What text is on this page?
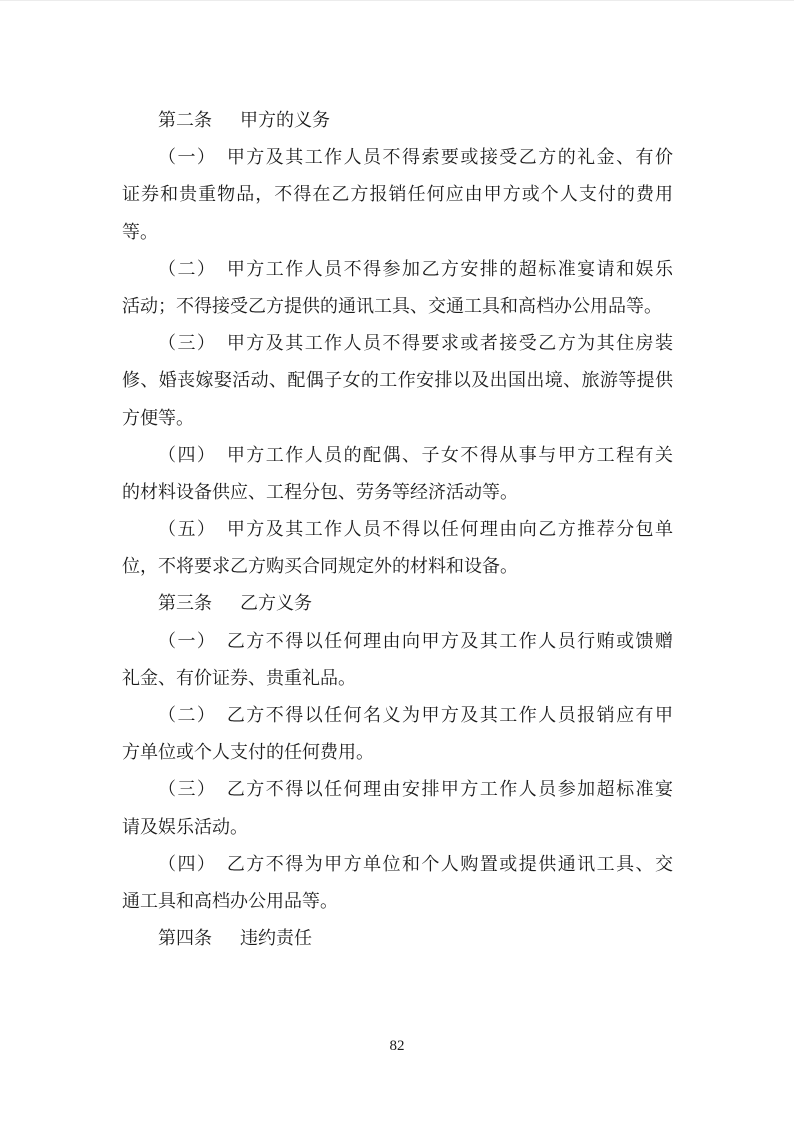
第二条 甲方的义务
（一）　甲方及其工作人员不得索要或接受乙方的礼金、有价
证券和贵重物品，不得在乙方报销任何应由甲方或个人支付的费用
等。
（二）　甲方工作人员不得参加乙方安排的超标准宴请和娱乐
活动；不得接受乙方提供的通讯工具、交通工具和高档办公用品等。
（三）　甲方及其工作人员不得要求或者接受乙方为其住房装
修、婚丧嫁娶活动、配偶子女的工作安排以及出国出境、旅游等提供
方便等。
（四）　甲方工作人员的配偶、子女不得从事与甲方工程有关
的材料设备供应、工程分包、劳务等经济活动等。
（五）　甲方及其工作人员不得以任何理由向乙方推荐分包单
位，不将要求乙方购买合同规定外的材料和设备。
第三条 乙方义务
（一）　乙方不得以任何理由向甲方及其工作人员行贿或馈赠
礼金、有价证券、贵重礼品。
（二）　乙方不得以任何名义为甲方及其工作人员报销应有甲
方单位或个人支付的任何费用。
（三）　乙方不得以任何理由安排甲方工作人员参加超标准宴
请及娱乐活动。
（四）　乙方不得为甲方单位和个人购置或提供通讯工具、交
通工具和高档办公用品等。
第四条 违约责任
82
